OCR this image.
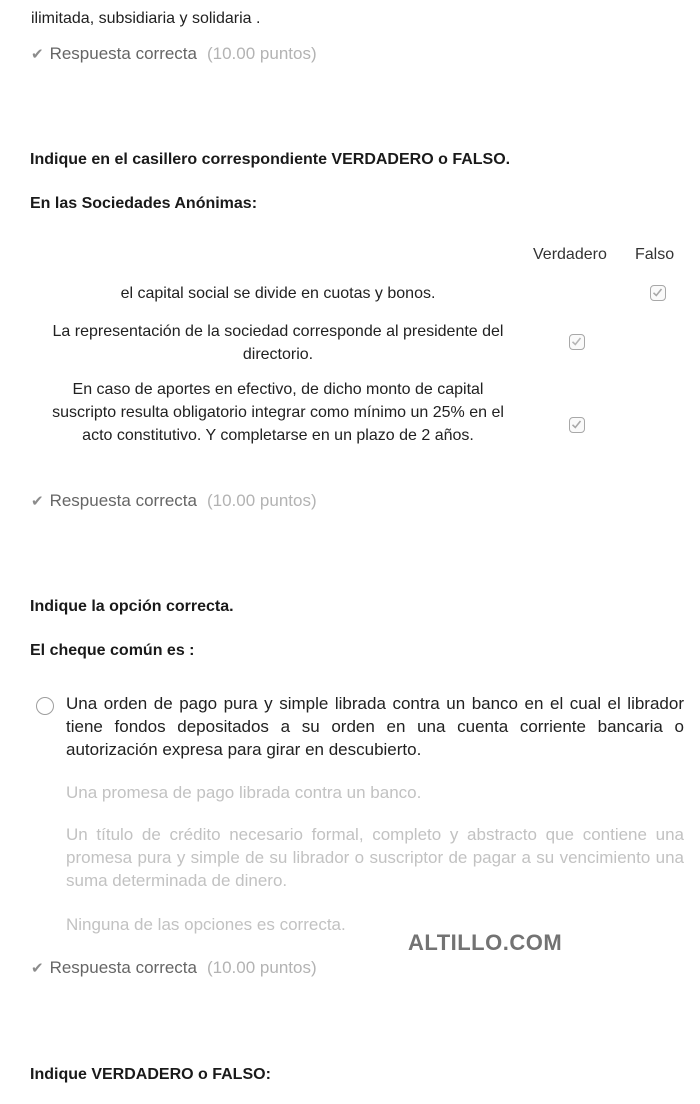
ilimitada, subsidiaria y solidaria .
✔ Respuesta correcta (10.00 puntos)
Indique en el casillero correspondiente VERDADERO o FALSO.
En las Sociedades Anónimas:
Verdadero Falso
el capital social se divide en cuotas y bonos.
La representación de la sociedad corresponde al presidente del directorio.
En caso de aportes en efectivo, de dicho monto de capital suscripto resulta obligatorio integrar como mínimo un 25% en el acto constitutivo. Y completarse en un plazo de 2 años.
✔ Respuesta correcta (10.00 puntos)
Indique la opción correcta.
El cheque común es :
Una orden de pago pura y simple librada contra un banco en el cual el librador tiene fondos depositados a su orden en una cuenta corriente bancaria o autorización expresa para girar en descubierto.
Una promesa de pago librada contra un banco.
Un título de crédito necesario formal, completo y abstracto que contiene una promesa pura y simple de su librador o suscriptor de pagar a su vencimiento una suma determinada de dinero.
Ninguna de las opciones es correcta.
ALTILLO.COM
✔ Respuesta correcta (10.00 puntos)
Indique VERDADERO o FALSO:
